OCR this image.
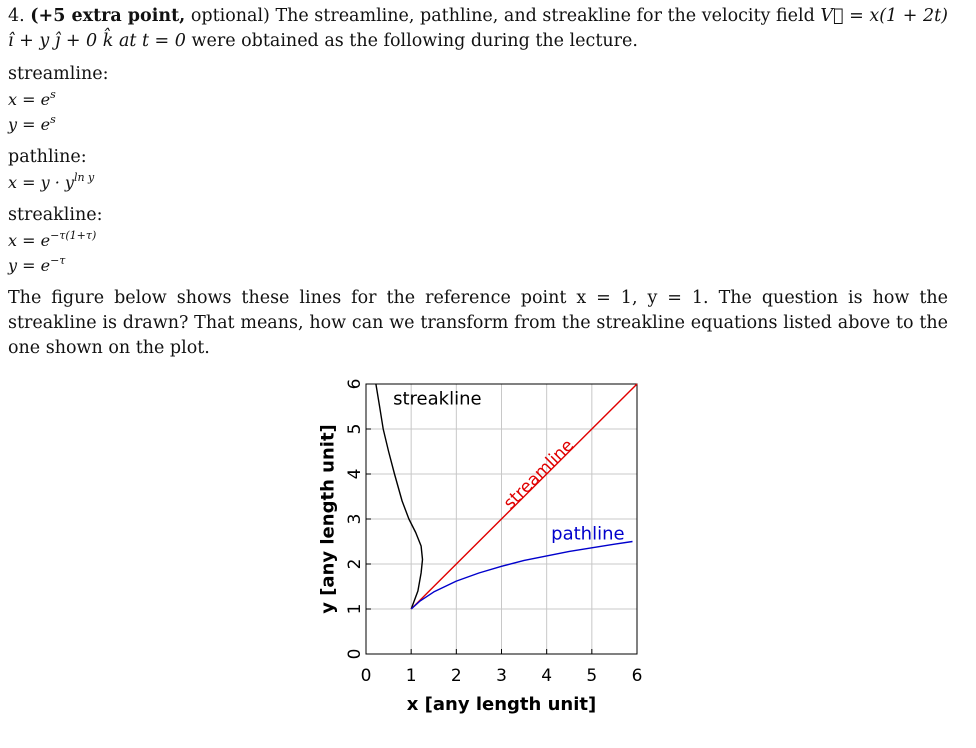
4. (+5 extra point, optional) The streamline, pathline, and streakline for the velocity field V⃗ = x(1 + 2t) î + y ĵ + 0 k̂ at t = 0 were obtained as the following during the lecture.

streamline:
$x = e^s$
$y = e^s$
pathline:
$x = y \cdot y^{ln y}$
streakline:
$x = e^{-\tau(1+\tau)}$
$y = e^{-\tau}$

The figure below shows these lines for the reference point x = 1, y = 1. The question is how the streakline is drawn? That means, how can we transform from the streakline equations listed above to the one shown on the plot.

0 1 2 3 4 5 6
0
1
2
3
4
5
6
x [any length unit]
y [any length unit]
streakline
streamline
pathline
